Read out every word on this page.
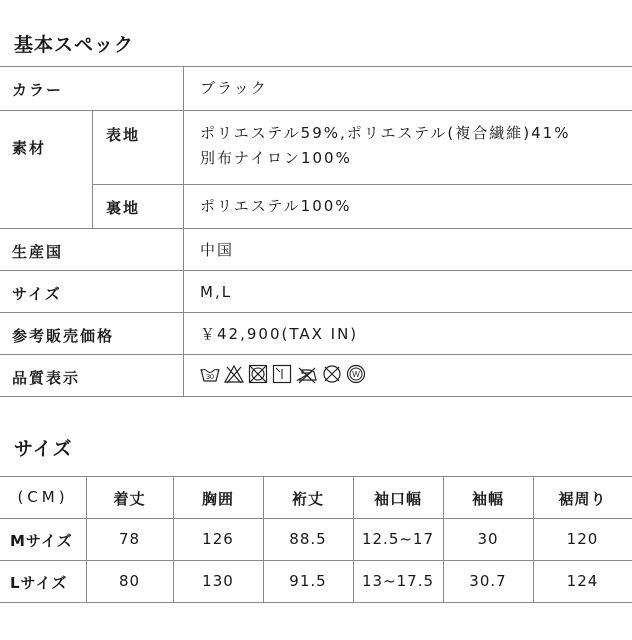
基本スペック
カラー	ブラック
素材
表地	ポリエステル59%,ポリエステル(複合繊維)41%
別布ナイロン100%
裏地	ポリエステル100%
生産国	中国
サイズ	M,L
参考販売価格	￥42,900(TAX IN)
品質表示	30	W
サイズ
(CM)	着丈	胸囲	裄丈	袖口幅	袖幅	裾周り
Mサイズ	78	126	88.5	12.5~17	30	120
Lサイズ	80	130	91.5	13~17.5	30.7	124
